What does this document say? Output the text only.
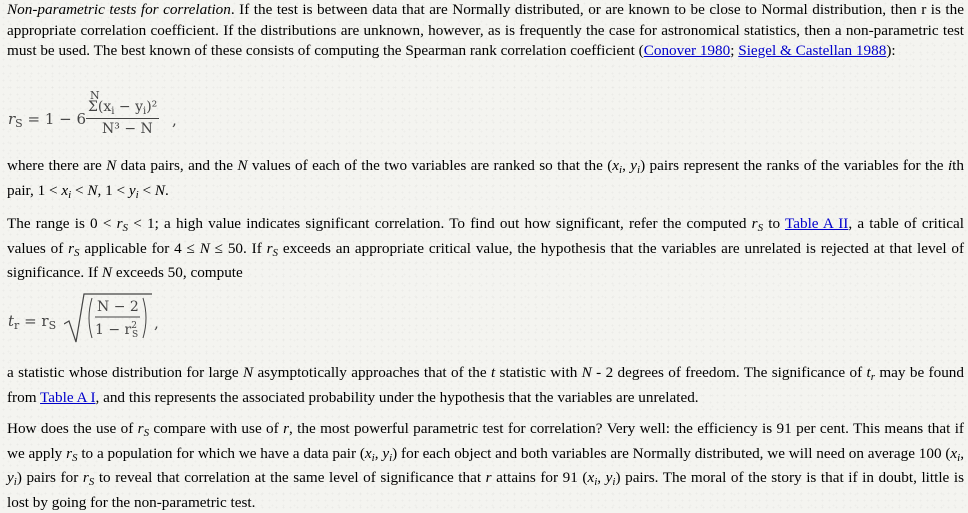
Non-parametric tests for correlation. If the test is between data that are Normally distributed, or are known to be close to Normal distribution, then r is the appropriate correlation coefficient. If the distributions are unknown, however, as is frequently the case for astronomical statistics, then a non-parametric test must be used. The best known of these consists of computing the Spearman rank correlation coefficient (Conover 1980; Siegel & Castellan 1988):

$r_S = 1 - 6$
N
$\Sigma(x_i - y_i)^2$
N³ − N ,

where there are N data pairs, and the N values of each of the two variables are ranked so that the ($x_i$, $y_i$) pairs represent the ranks of the variables for the ith pair, $1 < x_i < N$, $1 < y_i < N$.

The range is $0 < r_S < 1$; a high value indicates significant correlation. To find out how significant, refer the computed $r_S$ to Table A II, a table of critical values of $r_S$ applicable for 4 ≤ N ≤ 50. If $r_S$ exceeds an appropriate critical value, the hypothesis that the variables are unrelated is rejected at that level of significance. If N exceeds 50, compute

$t_r = r_S$
N − 2
$1 - r^2_S$
,

a statistic whose distribution for large N asymptotically approaches that of the t statistic with N - 2 degrees of freedom. The significance of $t_r$ may be found from Table A I, and this represents the associated probability under the hypothesis that the variables are unrelated.

How does the use of $r_S$ compare with use of r, the most powerful parametric test for correlation? Very well: the efficiency is 91 per cent. This means that if we apply $r_S$ to a population for which we have a data pair ($x_i$, $y_i$) for each object and both variables are Normally distributed, we will need on average 100 ($x_i$, $y_i$) pairs for $r_S$ to reveal that correlation at the same level of significance that r attains for 91 ($x_i$, $y_i$) pairs. The moral of the story is that if in doubt, little is lost by going for the non-parametric test.
